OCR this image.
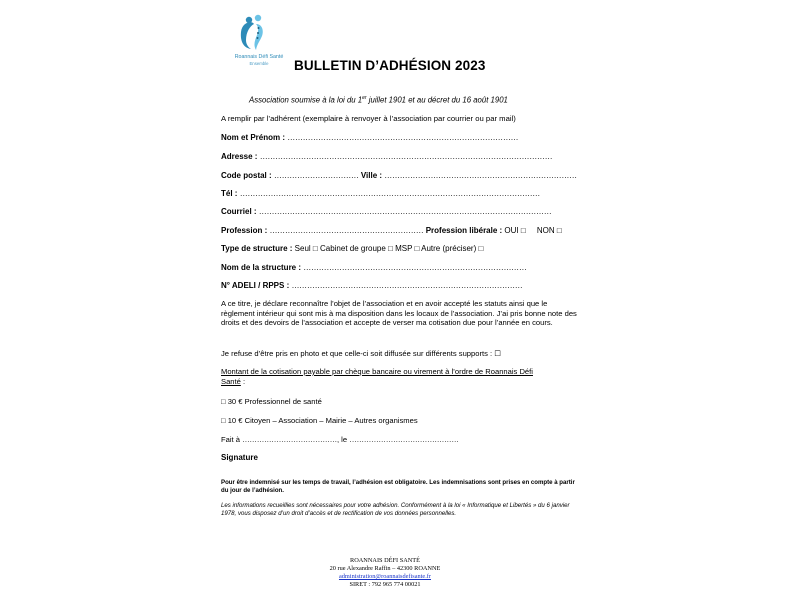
Roannais Défi Santé
Ensemble	BULLETIN D’ADHÉSION 2023
Association soumise à la loi du 1er juillet 1901 et au décret du 16 août 1901
A remplir par l’adhérent (exemplaire à renvoyer à l’association par courrier ou par mail)
Nom et Prénom : ………………………………………………………………………………
Adresse : ……………………………………………………………………………………………………
Code postal : …………………………… Ville : …………………………………………………………………
Tél : ………………………………………………………………………………………………………
Courriel : ……………………………………………………………………………………………………
Profession : …………………………………………………… Profession libérale : OUI □ NON □
Type de structure : Seul □ Cabinet de groupe □ MSP □ Autre (préciser) □
Nom de la structure : ……………………………………………………………………………
N° ADELI / RPPS : ………………………………………………………………………………
A ce titre, je déclare reconnaître l’objet de l’association et en avoir accepté les statuts ainsi que le règlement intérieur qui sont mis à ma disposition dans les locaux de l’association. J’ai pris bonne note des droits et des devoirs de l’association et accepte de verser ma cotisation due pour l’année en cours.
Je refuse d’être pris en photo et que celle-ci soit diffusée sur différents supports : ☐
Montant de la cotisation payable par chèque bancaire ou virement à l’ordre de Roannais Défi
Santé :
□ 30 € Professionnel de santé
□ 10 € Citoyen – Association – Mairie – Autres organismes
Fait à …………………………………, le ………………………………………
Signature
Pour être indemnisé sur les temps de travail, l’adhésion est obligatoire. Les indemnisations sont prises en compte à partir du jour de l’adhésion.
Les informations recueillies sont nécessaires pour votre adhésion. Conformément à la loi « Informatique et Libertés » du 6 janvier 1978, vous disposez d’un droit d’accès et de rectification de vos données personnelles.
ROANNAIS DÉFI SANTÉ
20 rue Alexandre Raffin – 42300 ROANNE
administration@roannaisdefisante.fr
SIRET : 792 965 774 00021
